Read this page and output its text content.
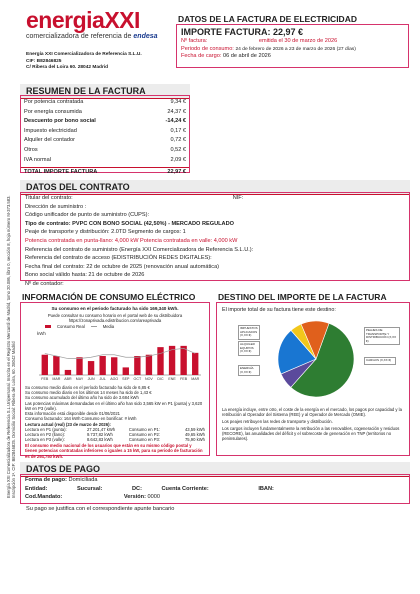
energiaXXI
comercializadora de referencia de endesa
Energía XXI Comercializadora de Referencia S.L.U.
CIF: B82846825
C/ Ribera del Loira 60. 28042 Madrid
Energía XXI Comercializadora de Referencia S.L.Unipersonal. Inscrita en el Registro Mercantil de Madrid, tomo 20.086, libro 0, sección 8, hoja número M-373.583. Inscripción 1ª. CIF: B82846825. Domicilio Social: Ribera del Loira, 60. 28042 Madrid
DATOS DE LA FACTURA DE ELECTRICIDAD
IMPORTE FACTURA: 22,97 €
Nº factura:	emitida el 30 de marzo de 2026
Periodo de consumo: 24 de febrero de 2026 a 23 de marzo de 2026 (27 días)
Fecha de cargo: 06 de abril de 2026
RESUMEN DE LA FACTURA
Por potencia contratada	9,34 €
Por energía consumida	24,37 €
Descuento por bono social	-14,24 €
Impuesto electricidad	0,17 €
Alquiler del contador	0,72 €
Otros	0,52 €
IVA normal	2,09 €
TOTAL IMPORTE FACTURA	22,97 €
DATOS DEL CONTRATO
Titular del contrato:	NIF:
Dirección de suministro :
Código unificador de punto de suministro (CUPS):
Tipo de contrato: PVPC CON BONO SOCIAL (42,50%) - MERCADO REGULADO
Peaje de transporte y distribución: 2.0TD Segmento de cargos: 1
Potencia contratada en punta-llano: 4,000 kW Potencia contratada en valle: 4,000 kW
Referencia del contrato de suministro (Energía XXI Comercializadora de Referencia S.L.U.):
Referencia del contrato de acceso (EDISTRIBUCIÓN REDES DIGITALES):
Fecha final del contrato: 22 de octubre de 2025 (renovación anual automática)
Bono social válido hasta: 21 de octubre de 2026
Nº de contador:
INFORMACIÓN DE CONSUMO ELÉCTRICO
Su consumo en el periodo facturado ha sido 169,340 kWh.
Puede consultar su consumo horario en el portal web de su distribuidora
https://zonaprivada.edistribucion.com/areaprivada
Consumo Real	Media
kWh
FEB MAR ABR MAY JUN JUL AGO SEP OCT NOV DIC ENE FEB MAR
Su consumo medio diario en el período facturado ha sido de 6,85 €
Su consumo medio diario en los últimos 14 meses ha sido de 1,43 €
Su consumo acumulado del último año ha sido de 3.684 kWh
Las potencias máximas demandadas en el último año han sido 3,565 kW en P1 (punta) y 3,620 kW en P3 (valle).
Esta información está disponible desde 01/06/2021
Consumo facturado: 164 kWh Consumo en bonificar: # kWh
Lectura actual (real) (23 de marzo de 2026):
Lectura en P1 (punta):	27.201,47 kWh	Consumo en P1:	43,59 kWh
Lectura en P2 (llano):	9.737,82 kWh	Consumo en P2:	49,65 kWh
Lectura en P3 (valle):	8.642,83 kWh	Consumo en P3:	75,90 kWh
El consumo medio nacional de los usuarios que están en su mismo código postal y tienen potencias contratadas inferiores o iguales a 15 kW, para su periodo de facturación es de 294,750 kWh.
DESTINO DEL IMPORTE DE LA FACTURA
El importe total de su factura tiene este destino:
IMPUESTOS APLICADOS (X,XX €)
ALQUILER EQUIPOS (X,XX €)
ENERGÍA (X,XX €)
PEAJES DE TRANSPORTE Y DISTRIBUCIÓN (X,XX €)
CARGOS (X,XX €)
La energía incluye, entre otro, el coste de la energía en el mercado, los pagos por capacidad y la retribución al Operador del Sistema (REE) y al Operador de Mercado (OMIE).
Los peajes retribuyen las redes de transporte y distribución.
Los cargos incluyen fundamentalmente la retribución a las renovables, cogeneración y residuos (RECORE), las anualidades del déficit y el sobrecoste de generación en TNP (territorios no peninsulares).
DATOS DE PAGO
Forma de pago: Domiciliada
Entidad:	Sucursal:	DC:	Cuenta Corriente:	IBAN:
Cod.Mandato:	Versión: 0000
Su pago se justifica con el correspondiente apunte bancario
